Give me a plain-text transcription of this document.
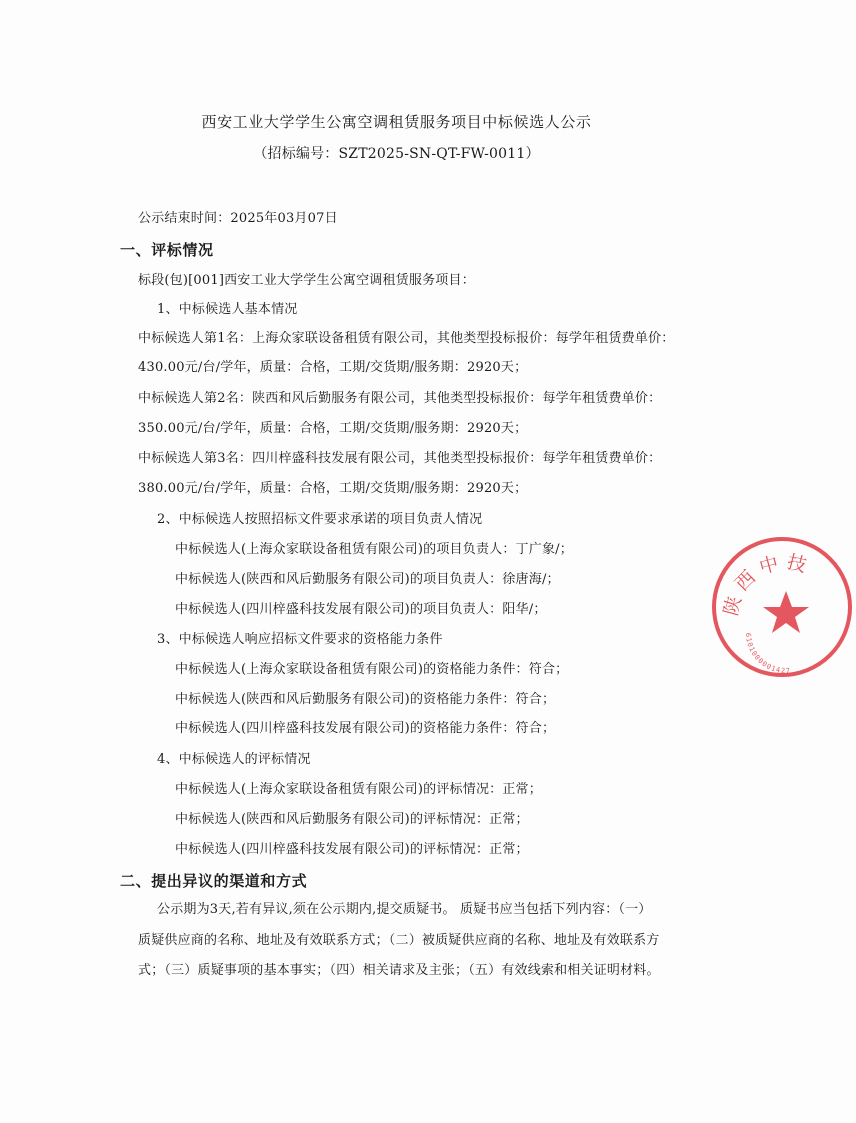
西安工业大学学生公寓空调租赁服务项目中标候选人公示
（招标编号：SZT2025-SN-QT-FW-0011）
公示结束时间：2025年03月07日
一、评标情况
标段(包)[001]西安工业大学学生公寓空调租赁服务项目：
1、中标候选人基本情况
中标候选人第1名：上海众家联设备租赁有限公司，其他类型投标报价：每学年租赁费单价：
430.00元/台/学年，质量：合格，工期/交货期/服务期：2920天；
中标候选人第2名：陕西和风后勤服务有限公司，其他类型投标报价：每学年租赁费单价：
350.00元/台/学年，质量：合格，工期/交货期/服务期：2920天；
中标候选人第3名：四川梓盛科技发展有限公司，其他类型投标报价：每学年租赁费单价：
380.00元/台/学年，质量：合格，工期/交货期/服务期：2920天；
2、中标候选人按照招标文件要求承诺的项目负责人情况
中标候选人(上海众家联设备租赁有限公司)的项目负责人：丁广象/；
中标候选人(陕西和风后勤服务有限公司)的项目负责人：徐唐海/；
中标候选人(四川梓盛科技发展有限公司)的项目负责人：阳华/；
3、中标候选人响应招标文件要求的资格能力条件
中标候选人(上海众家联设备租赁有限公司)的资格能力条件：符合；
中标候选人(陕西和风后勤服务有限公司)的资格能力条件：符合；
中标候选人(四川梓盛科技发展有限公司)的资格能力条件：符合；
4、中标候选人的评标情况
中标候选人(上海众家联设备租赁有限公司)的评标情况：正常；
中标候选人(陕西和风后勤服务有限公司)的评标情况：正常；
中标候选人(四川梓盛科技发展有限公司)的评标情况：正常；
二、提出异议的渠道和方式
公示期为3天,若有异议,须在公示期内,提交质疑书。 质疑书应当包括下列内容：（一）
质疑供应商的名称、地址及有效联系方式；（二）被质疑供应商的名称、地址及有效联系方
式；（三）质疑事项的基本事实；（四）相关请求及主张；（五）有效线索和相关证明材料。
陕西中技
6101000001427
